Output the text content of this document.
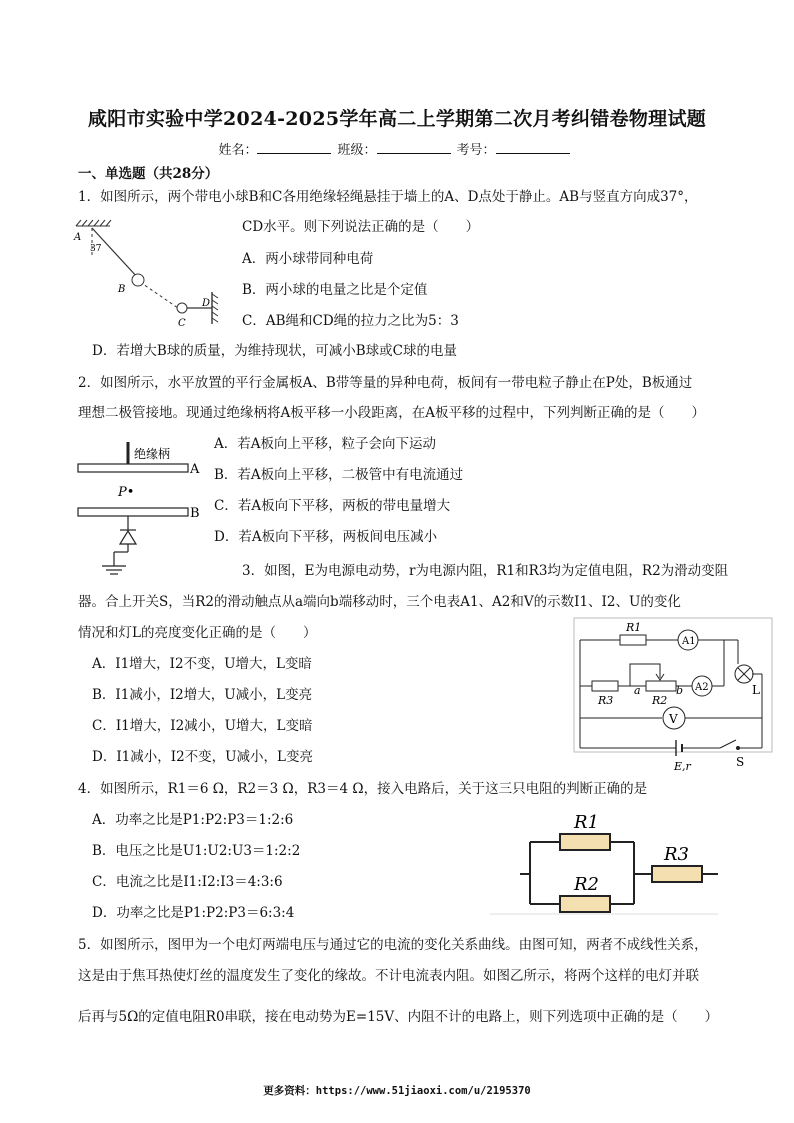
咸阳市实验中学2024-2025学年高二上学期第二次月考纠错卷物理试题
姓名：	班级：	考号：
一、单选题（共28分）
1．如图所示，两个带电小球B和C各用绝缘轻绳悬挂于墙上的A、D点处于静止。AB与竖直方向成37°，
CD水平。则下列说法正确的是（　　）
A．两小球带同种电荷
B．两小球的电量之比是个定值
C．AB绳和CD绳的拉力之比为5：3
D．若增大B球的质量，为维持现状，可减小B球或C球的电量
A
37
B
C
D
2．如图所示，水平放置的平行金属板A、B带等量的异种电荷，板间有一带电粒子静止在P处，B板通过
理想二极管接地。现通过绝缘柄将A板平移一小段距离，在A板平移的过程中，下列判断正确的是（　　）
A．若A板向上平移，粒子会向下运动
B．若A板向上平移，二极管中有电流通过
C．若A板向下平移，两板的带电量增大
D．若A板向下平移，两板间电压减小
绝缘柄
A
B
P•
3．如图，E为电源电动势，r为电源内阻，R1和R3均为定值电阻，R2为滑动变阻
器。合上开关S，当R2的滑动触点从a端向b端移动时，三个电表A1、A2和V的示数I1、I2、U的变化
情况和灯L的亮度变化正确的是（　　）
A．I1增大，I2不变，U增大，L变暗
B．I1减小，I2增大，U减小，L变亮
C．I1增大，I2减小，U增大，L变暗
D．I1减小，I2不变，U减小，L变亮
R1
A1
R3
a
R2
b A2
V
L
E,r	S
4．如图所示，R1＝6 Ω，R2＝3 Ω，R3＝4 Ω，接入电路后，关于这三只电阻的判断正确的是
A．功率之比是P1:P2:P3＝1:2:6
B．电压之比是U1:U2:U3＝1:2:2
C．电流之比是I1:I2:I3＝4:3:6
D．功率之比是P1:P2:P3＝6:3:4
R1
R2
R3
5．如图所示，图甲为一个电灯两端电压与通过它的电流的变化关系曲线。由图可知，两者不成线性关系，
这是由于焦耳热使灯丝的温度发生了变化的缘故。不计电流表内阻。如图乙所示，将两个这样的电灯并联
后再与5Ω的定值电阻R0串联，接在电动势为E=15V、内阻不计的电路上，则下列选项中正确的是（　　）
更多资料：https://www.51jiaoxi.com/u/2195370
